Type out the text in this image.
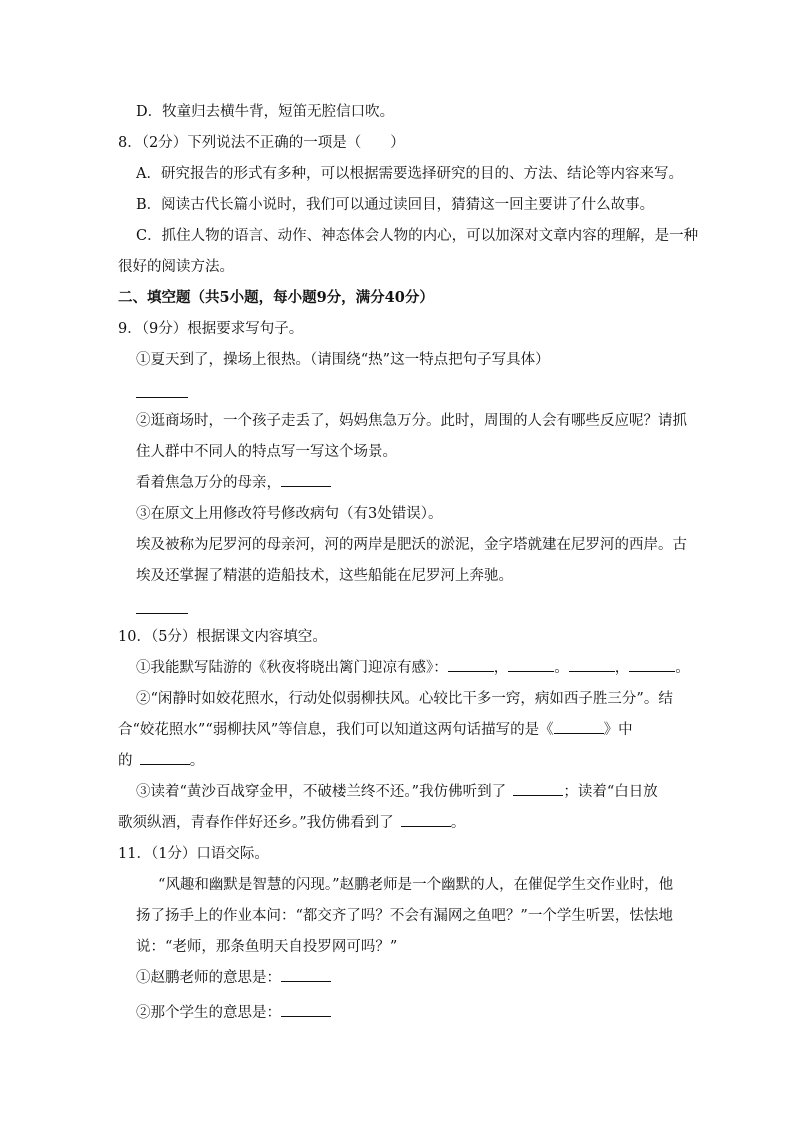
D．牧童归去横牛背，短笛无腔信口吹。
8．（2分）下列说法不正确的一项是（　　）
A．研究报告的形式有多种，可以根据需要选择研究的目的、方法、结论等内容来写。
B．阅读古代长篇小说时，我们可以通过读回目，猜猜这一回主要讲了什么故事。
C．抓住人物的语言、动作、神态体会人物的内心，可以加深对文章内容的理解，是一种
很好的阅读方法。
二、填空题（共5小题，每小题9分，满分40分）
9．（9分）根据要求写句子。
①夏天到了，操场上很热。（请围绕“热”这一特点把句子写具体）
②逛商场时，一个孩子走丢了，妈妈焦急万分。此时，周围的人会有哪些反应呢？请抓
住人群中不同人的特点写一写这个场景。
看着焦急万分的母亲，
③在原文上用修改符号修改病句（有3处错误）。
埃及被称为尼罗河的母亲河，河的两岸是肥沃的淤泥，金字塔就建在尼罗河的西岸。古
埃及还掌握了精湛的造船技术，这些船能在尼罗河上奔驰。
10．（5分）根据课文内容填空。
①我能默写陆游的《秋夜将晓出篱门迎凉有感》：	，	。	，	。
②“闲静时如姣花照水，行动处似弱柳扶风。心较比干多一窍，病如西子胜三分”。结
合“姣花照水”“弱柳扶风”等信息，我们可以知道这两句话描写的是《	》中
的 	。
③读着“黄沙百战穿金甲，不破楼兰终不还。”我仿佛听到了 	；读着“白日放
歌须纵酒，青春作伴好还乡。”我仿佛看到了 	。
11．（1分）口语交际。
“风趣和幽默是智慧的闪现。”赵鹏老师是一个幽默的人，在催促学生交作业时，他
扬了扬手上的作业本问：“都交齐了吗？不会有漏网之鱼吧？”一个学生听罢，怯怯地
说：“老师，那条鱼明天自投罗网可吗？”
①赵鹏老师的意思是：
②那个学生的意思是：
